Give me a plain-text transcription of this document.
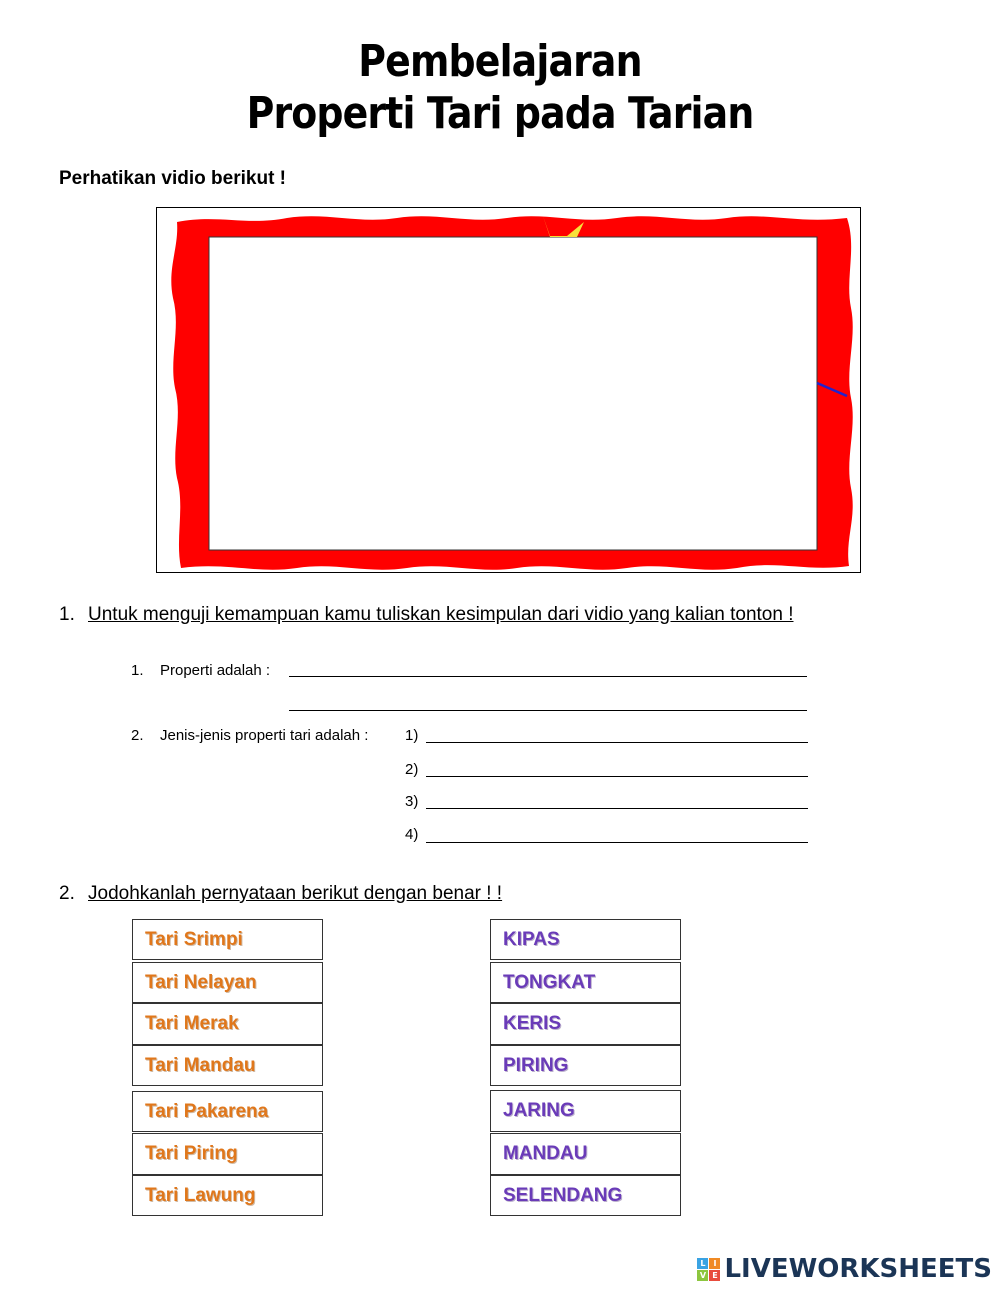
Pembelajaran
Properti Tari pada Tarian
Perhatikan vidio berikut !
1. Untuk menguji kemampuan kamu tuliskan kesimpulan dari vidio yang kalian tonton !
1. Properti adalah :
2. Jenis-jenis properti tari adalah : 1)
2)
3)
4)
2. Jodohkanlah pernyataan berikut dengan benar ! !
Tari Srimpi
Tari Nelayan
Tari Merak
Tari Mandau
Tari Pakarena
Tari Piring
Tari Lawung
KIPAS
TONGKAT
KERIS
PIRING
JARING
MANDAU
SELENDANG
L I
V E LIVEWORKSHEETS
